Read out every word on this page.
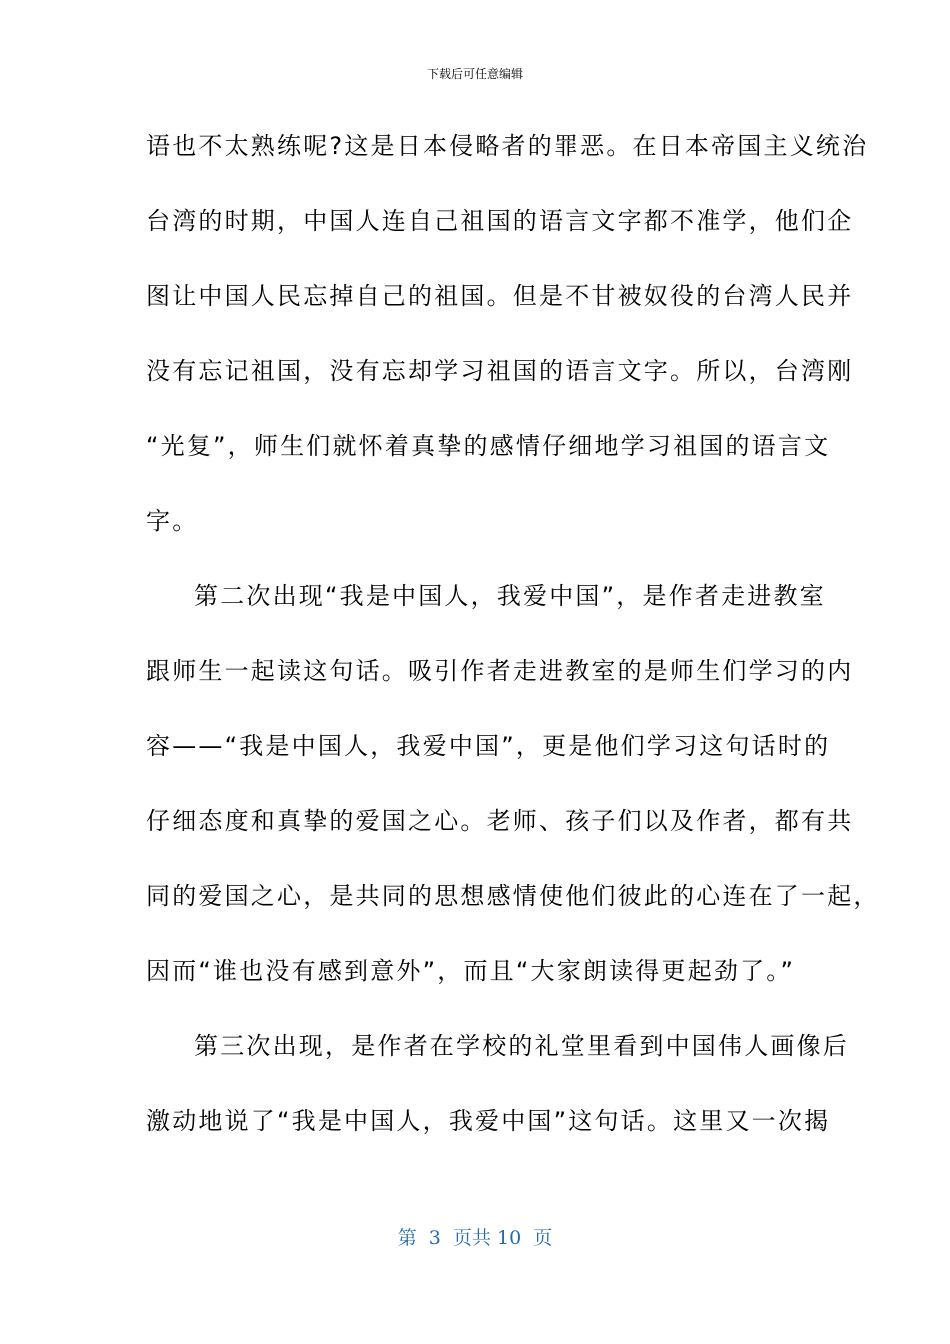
下载后可任意编辑
语也不太熟练呢?这是日本侵略者的罪恶。在日本帝国主义统治
台湾的时期，中国人连自己祖国的语言文字都不准学，他们企
图让中国人民忘掉自己的祖国。但是不甘被奴役的台湾人民并
没有忘记祖国，没有忘却学习祖国的语言文字。所以，台湾刚
“光复”，师生们就怀着真挚的感情仔细地学习祖国的语言文
字。
第二次出现“我是中国人，我爱中国”，是作者走进教室
跟师生一起读这句话。吸引作者走进教室的是师生们学习的内
容——“我是中国人，我爱中国”，更是他们学习这句话时的
仔细态度和真挚的爱国之心。老师、孩子们以及作者，都有共
同的爱国之心，是共同的思想感情使他们彼此的心连在了一起，
因而“谁也没有感到意外”，而且“大家朗读得更起劲了。”
第三次出现，是作者在学校的礼堂里看到中国伟人画像后
激动地说了“我是中国人，我爱中国”这句话。这里又一次揭
第  3  页共 10  页
